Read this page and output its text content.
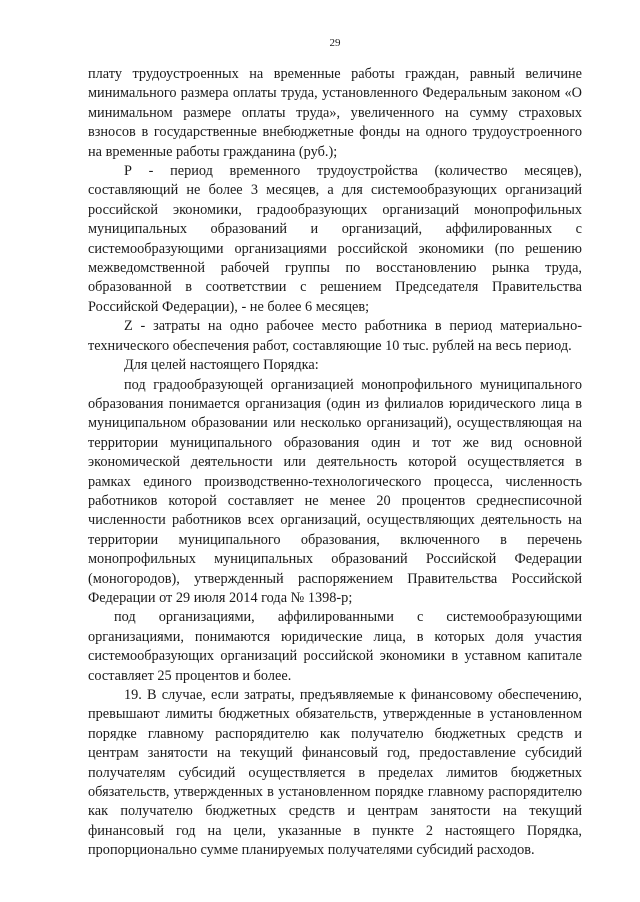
29

плату трудоустроенных на временные работы граждан, равный величине минимального размера оплаты труда, установленного Федеральным законом «О минимальном размере оплаты труда», увеличенного на сумму страховых взносов в государственные внебюджетные фонды на одного трудоустроенного на временные работы гражданина (руб.);

Р - период временного трудоустройства (количество месяцев), составляющий не более 3 месяцев, а для системообразующих организаций российской экономики, градообразующих организаций монопрофильных муниципальных образований и организаций, аффилированных с системообразующими организациями российской экономики (по решению межведомственной рабочей группы по восстановлению рынка труда, образованной в соответствии с решением Председателя Правительства Российской Федерации), - не более 6 месяцев;

Z - затраты на одно рабочее место работника в период материально-технического обеспечения работ, составляющие 10 тыс. рублей на весь период.

Для целей настоящего Порядка:

под градообразующей организацией монопрофильного муниципального образования понимается организация (один из филиалов юридического лица в муниципальном образовании или несколько организаций), осуществляющая на территории муниципального образования один и тот же вид основной экономической деятельности или деятельность которой осуществляется в рамках единого производственно-технологического процесса, численность работников которой составляет не менее 20 процентов среднесписочной численности работников всех организаций, осуществляющих деятельность на территории муниципального образования, включенного в перечень монопрофильных муниципальных образований Российской Федерации (моногородов), утвержденный распоряжением Правительства Российской Федерации от 29 июля 2014 года № 1398-р;

под организациями, аффилированными с системообразующими организациями, понимаются юридические лица, в которых доля участия системообразующих организаций российской экономики в уставном капитале составляет 25 процентов и более.

19. В случае, если затраты, предъявляемые к финансовому обеспечению, превышают лимиты бюджетных обязательств, утвержденные в установленном порядке главному распорядителю как получателю бюджетных средств и центрам занятости на текущий финансовый год, предоставление субсидий получателям субсидий осуществляется в пределах лимитов бюджетных обязательств, утвержденных в установленном порядке главному распорядителю как получателю бюджетных средств и центрам занятости на текущий финансовый год на цели, указанные в пункте 2 настоящего Порядка, пропорционально сумме планируемых получателями субсидий расходов.
